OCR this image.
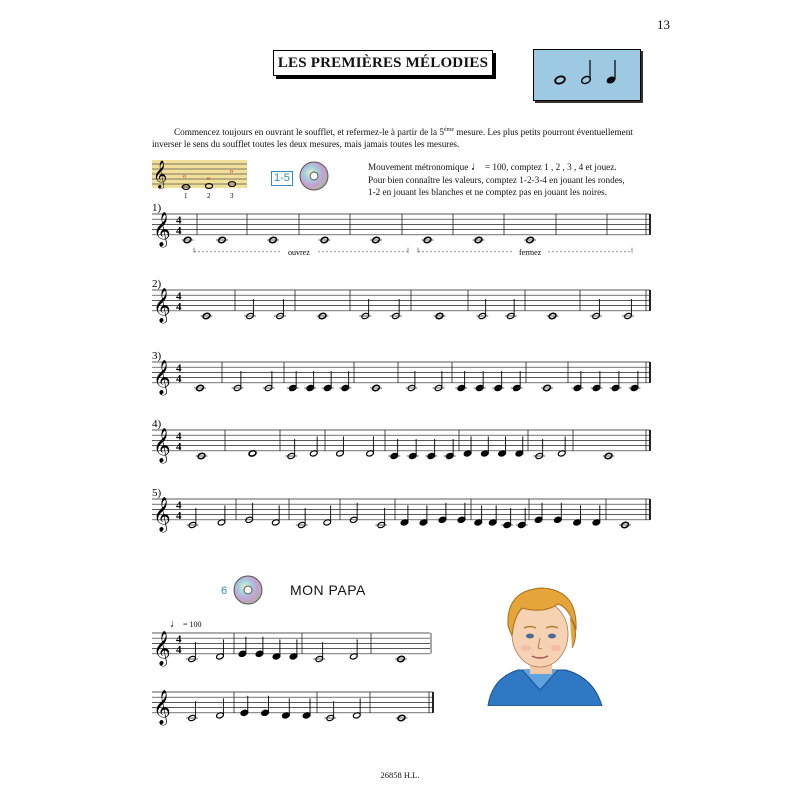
13
LES PREMIÈRES MÉLODIES
Commencez toujours en ouvrant le soufflet, et refermez-le à partir de la 5ème mesure. Les plus petits pourront éventuellement inverser le sens du soufflet toutes les deux mesures, mais jamais toutes les mesures.
𝄞	o	o
o
1	2	3
1-5
Mouvement métronomique ♩ = 100, comptez 1 , 2 , 3 , 4 et jouez.
Pour bien connaître les valeurs, comptez 1-2-3-4 en jouant les rondes,
1-2 en jouant les blanches et ne comptez pas en jouant les noires.
1)
𝄞 4
4
ouvrez	fermez
2)
𝄞 4
4
3)
𝄞 4
4
4)
𝄞 4
4
5)
𝄞 4
4
𝄞 4
4
𝄞
6	MON PAPA
♩ = 100
26858 H.L.
